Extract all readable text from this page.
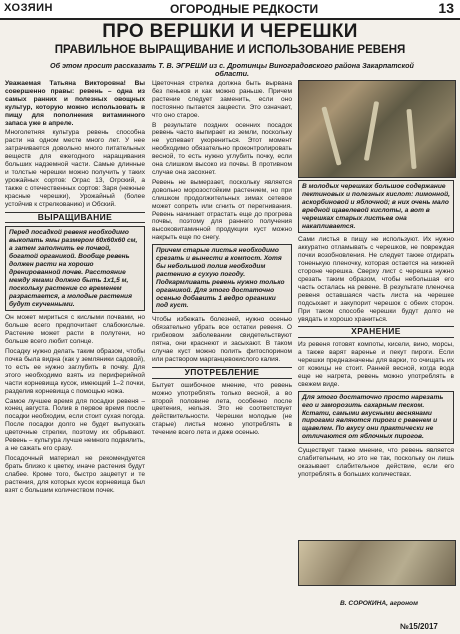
ХОЗЯИН	ОГОРОДНЫЕ РЕДКОСТИ	13
ПРО ВЕРШКИ И ЧЕРЕШКИ
ПРАВИЛЬНОЕ ВЫРАЩИВАНИЕ И ИСПОЛЬЗОВАНИЕ РЕВЕНЯ
Об этом просит рассказать Т. В. ЭГРЕШИ из с. Дротинцы Виноградовского района Закарпатской области.

Уважаемая Татьяна Викторовна! Вы совершенно правы: ревень – одна из самых ранних и полезных овощных культур, которую можно использовать в пищу для пополнения витаминного запаса уже в апреле.

Многолетняя культура ревень способна расти на одном месте много лет. У нее затрачивается довольно много питательных веществ для ежегодного наращивания больших надземной части. Самые длинные и толстые черешки можно получить у таких урожайных сортов: Ограс 13, Огрский, а также с отечественных сортов: Заря (нежные красные черешки), Урожайный (более устойчив к стрелкованию) и Обский.

ВЫРАЩИВАНИЕ
Перед посадкой ревеня необходимо выкопать ямы размером 60х60х60 см, а затем заполнить ее почвой, богатой органикой. Вообще ревень должен расти на хорошо дренированной почве. Расстояние между ямами должно быть 1х1,5 м, поскольку растение со временем разрастается, а молодые растения будут скученными.

Он может мириться с кислыми почвами, но больше всего предпочитает слабокислые. Растение может расти в полутени, но больше всего любит солнце.

Посадку нужно делать таким образом, чтобы почка была видна (как у земляники садовой), то есть ее нужно заглубить в почву. Для этого необходимо взять из периферийной части корневища кусок, имеющий 1–2 почки, разделив корневища с помощью ножа.

Самое лучшее время для посадки ревеня – конец августа. Полив в первое время после посадки необходим, если стоит сухая погода. После посадки долго не будет выпускать цветочные стрелки, поэтому их обрывают. Ревень – культура лучше немного подвялить, а не сажать его сразу.

Посадочный материал не рекомендуется брать близко к цветку, иначе растения будут слабее. Кроме того, быстро зацветут и те растения, для которых кусок корневища был взят с большим количеством почек.

Цветочная стрелка должна быть вырвана без пеньков и как можно раньше. Причем растение следует заменить, если оно постоянно пытается зацвести. Это означает, что оно старое.

В результате поздних осенних посадок ревень часто выпирает из земли, поскольку не успевает укорениться. Этот момент необходимо обязательно проконтролировать весной, то есть нужно углубить почку, если она слишком высоко из почвы. В противном случае она засохнет.

Ревень не вымерзает, поскольку является довольно морозостойким растением, но при слишком продолжительных зимах сетевое может сопреть или сгнить от перегнивания. Ревень начинает отрастать еще до прогрева почвы, поэтому для раннего получения высоковитаминной продукции куст можно накрыть еще по снегу.

Причем старые листья необходимо срезать и вынести в компост. Хотя бы небольшой полив необходим растению в сухую погоду. Подкармливать ревень нужно только органикой. Для этого достаточно осенью добавить 1 ведро органики под куст.

Чтобы избежать болезней, нужно осенью обязательно убрать все остатки ревеня. О грибковом заболевании свидетельствуют пятна, они краснеют и засыхают. В таком случае куст можно полить фитоспорином или раствором марганцевокислого калия.

УПОТРЕБЛЕНИЕ

Бытует ошибочное мнение, что ревень можно употреблять только весной, а во второй половине лета, особенно после цветения, нельзя. Это не соответствует действительности. Черешки молодые (не старые) листья можно употреблять в течение всего лета и даже осенью.

В молодых черешках большое содержание пектиновых и полезных кислот: лимонной, аскорбиновой и яблочной; в них очень мало вредной щавелевой кислоты, а вот в черешках старых листьев она накапливается.

Сами листья в пищу не используют. Их нужно аккуратно отламывать с черешков, не повреждая почки возобновления. Не следует также отдирать тоненькую пленочку, которая остается на нижней стороне черешка. Сверху лист с черешка нужно срезать таким образом, чтобы небольшая его часть осталась на ревене. В результате пленочка ревеня оставшаяся часть листа на черешке подсыхает и закупорит черешок с обеих сторон. При таком способе черешки будут долго не увядать и хорошо храниться.

ХРАНЕНИЕ

Из ревеня готовят компоты, кисели, вино, морсы, а также варят варенье и пекут пироги. Если черешки предназначены для варки, то очищать их от кожицы не стоит. Ранней весной, когда вода еще не нагрета, ревень можно употреблять в свежем виде.

Для этого достаточно просто нарезать его и заморозить сахарным песком. Кстати, самыми вкусными веснянами пирогами являются пироги с ревенем и щавелем. По вкусу они практически не отличаются от яблочных пирогов.

Существует также мнение, что ревень является слабительным, но это не так, поскольку он лишь оказывает слабительное действие, если его употреблять в больших количествах.

В. СОРОКИНА, агроном
№15/2017
